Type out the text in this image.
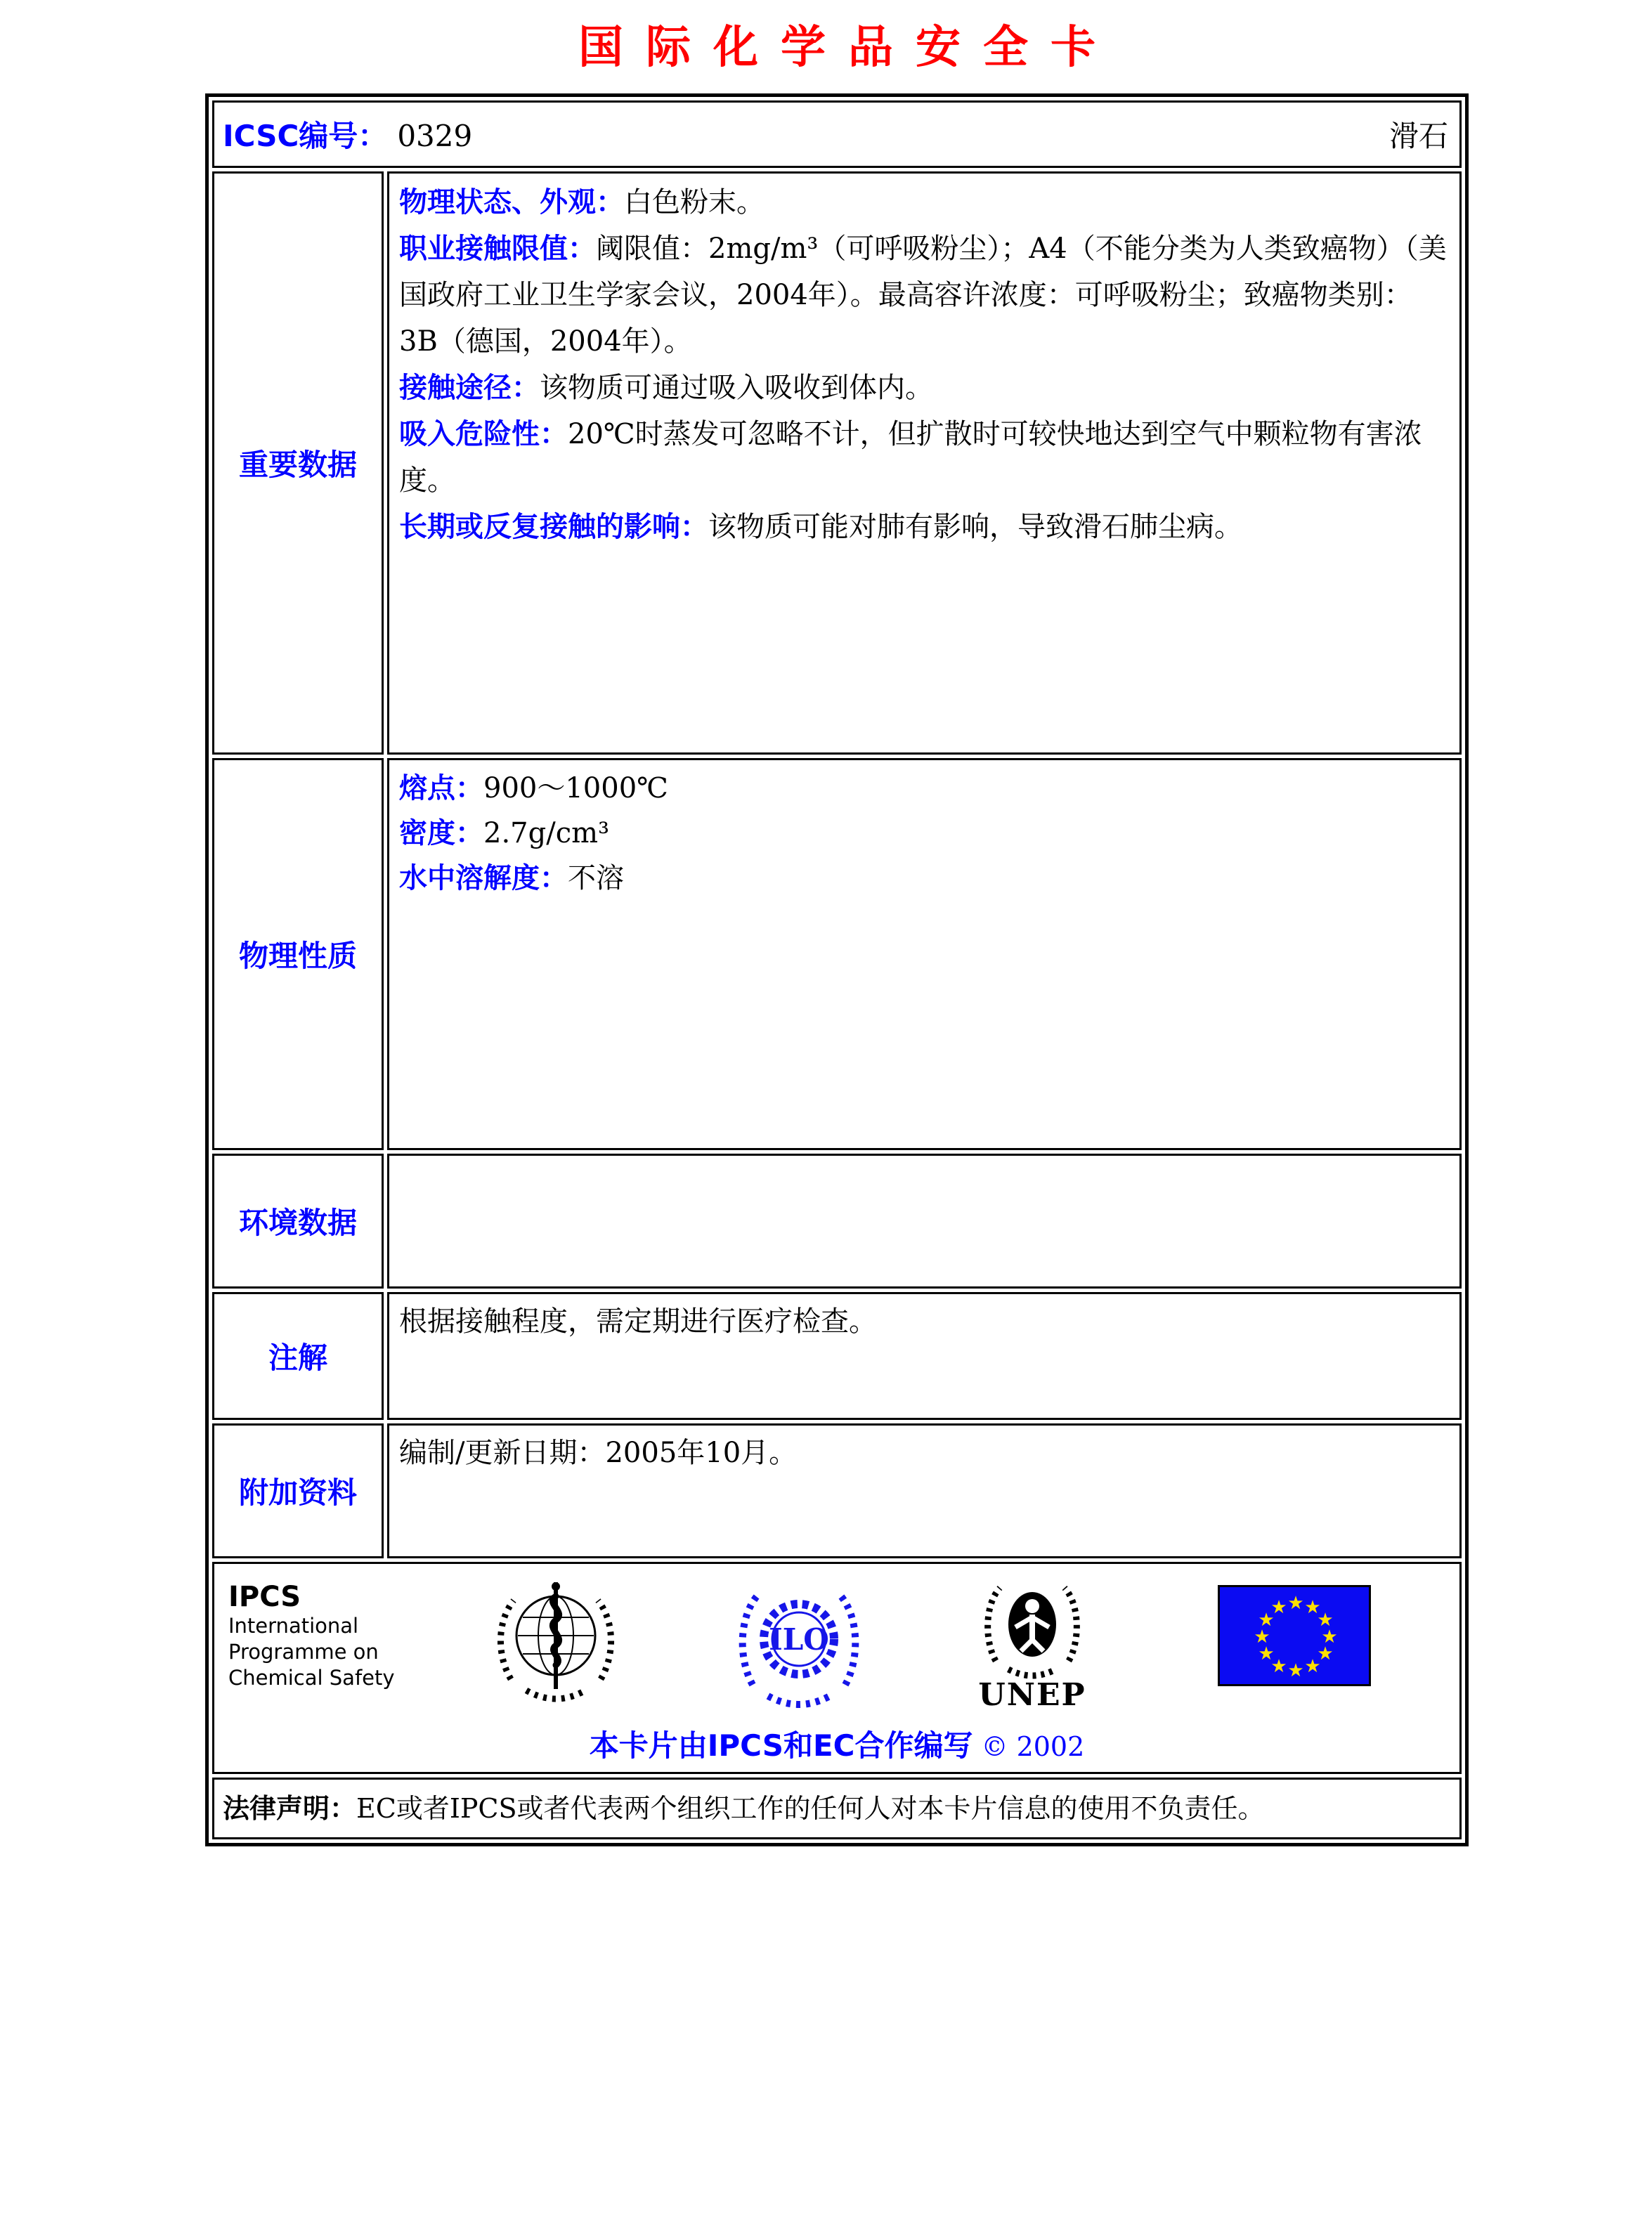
国际化学品安全卡
ICSC编号： 0329 滑石	

重要数据	物理状态、外观：白色粉末。

职业接触限值：阈限值：2mg/m³（可呼吸粉尘）；A4（不能分类为人类致癌物）（美国政府工业卫生学家会议，2004年）。最高容许浓度：可呼吸粉尘；致癌物类别：3B（德国，2004年）。

接触途径：该物质可通过吸入吸收到体内。

吸入危险性：20℃时蒸发可忽略不计，但扩散时可较快地达到空气中颗粒物有害浓度。

长期或反复接触的影响：该物质可能对肺有影响，导致滑石肺尘病。

物理性质	熔点：900～1000℃

密度：2.7g/cm³

水中溶解度：不溶

环境数据	
注解	根据接触程度，需定期进行医疗检查。

附加资料	编制/更新日期：2005年10月。

IPCS
International
Programme on
Chemical Safety
ILO
UNEP
★ ★
★
★
★
★
★
★
★
★
★
★
本卡片由IPCS和EC合作编写 © 2002

法律声明：EC或者IPCS或者代表两个组织工作的任何人对本卡片信息的使用不负责任。	
